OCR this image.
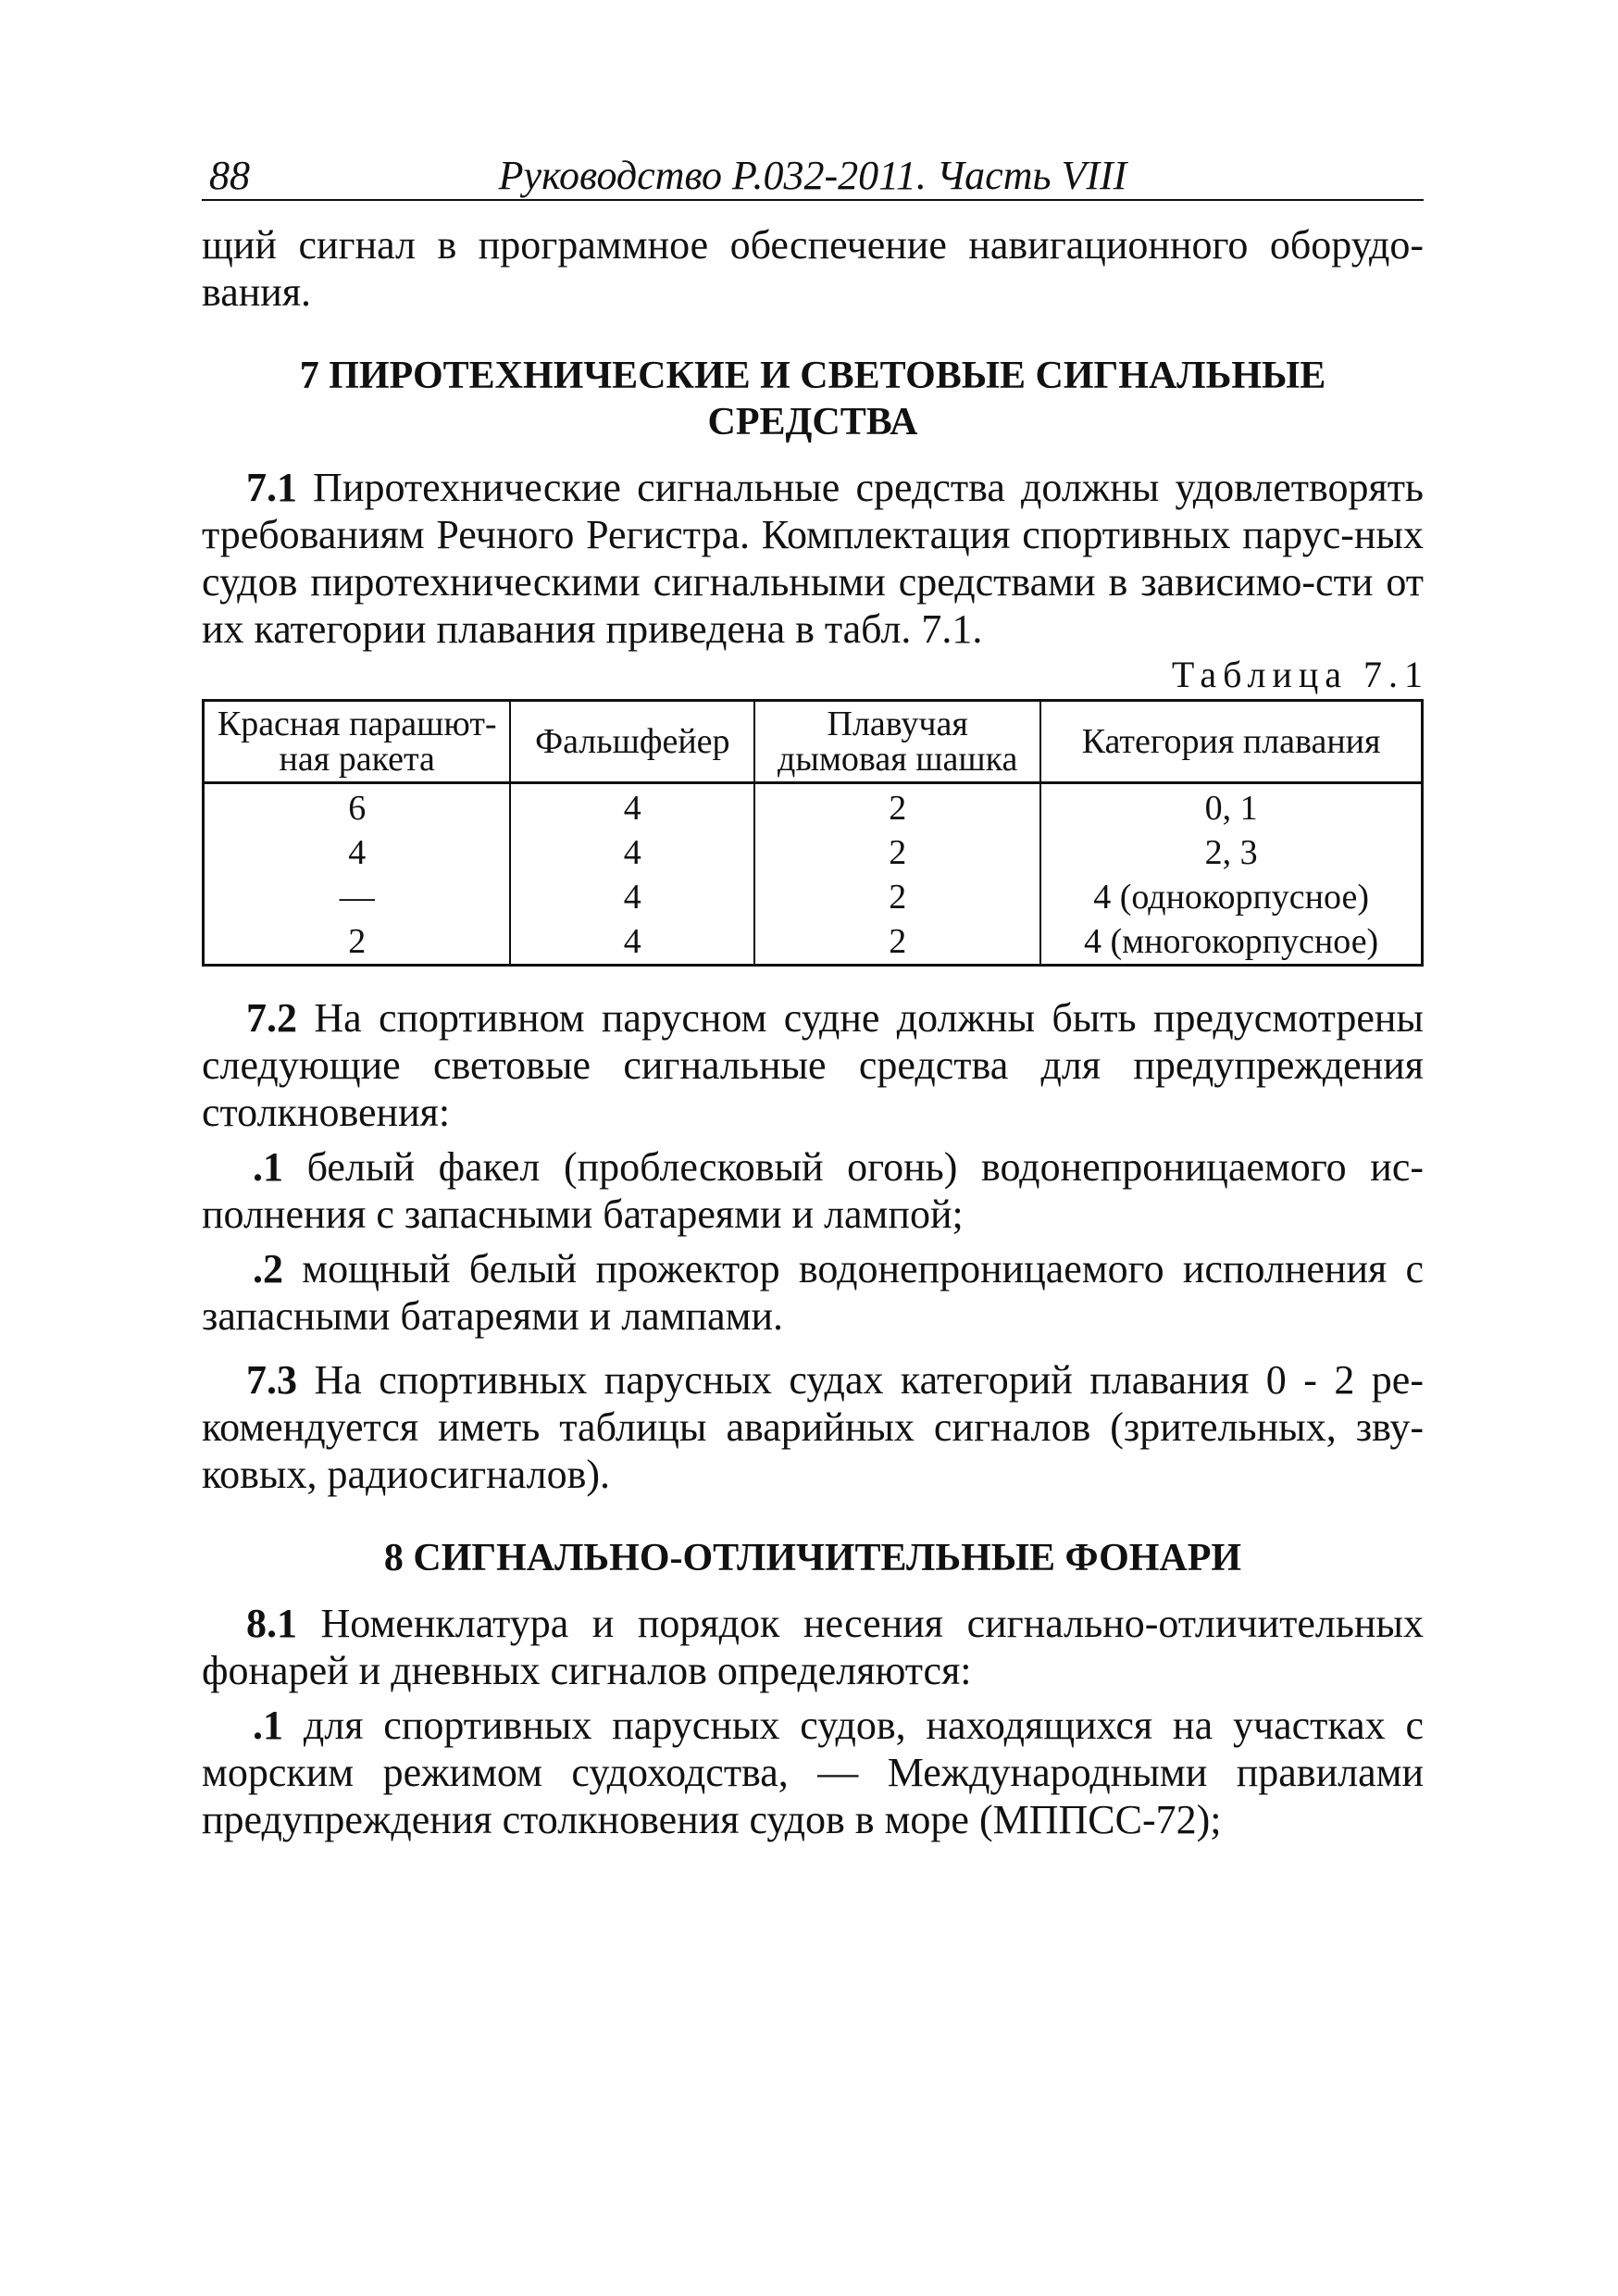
88	Руководство Р.032-2011. Часть VIII

щий сигнал в программное обеспечение навигационного оборудо-вания.

7 ПИРОТЕХНИЧЕСКИЕ И СВЕТОВЫЕ СИГНАЛЬНЫЕ
СРЕДСТВА

7.1 Пиротехнические сигнальные средства должны удовлетворять требованиям Речного Регистра. Комплектация спортивных парус-ных судов пиротехническими сигнальными средствами в зависимо-сти от их категории плавания приведена в табл. 7.1.

Таблица 7.1
Красная парашют-ная ракета	Фальшфейер	Плавучая дымовая шашка	Категория плавания
6	4	2	0, 1
4	4	2	2, 3
—	4	2	4 (однокорпусное)
2	4	2	4 (многокорпусное)

7.2 На спортивном парусном судне должны быть предусмотрены следующие световые сигнальные средства для предупреждения столкновения:

.1 белый факел (проблесковый огонь) водонепроницаемого ис-полнения с запасными батареями и лампой;

.2 мощный белый прожектор водонепроницаемого исполнения с запасными батареями и лампами.

7.3 На спортивных парусных судах категорий плавания 0 - 2 ре-комендуется иметь таблицы аварийных сигналов (зрительных, зву-ковых, радиосигналов).

8 СИГНАЛЬНО-ОТЛИЧИТЕЛЬНЫЕ ФОНАРИ

8.1 Номенклатура и порядок несения сигнально-отличительных фонарей и дневных сигналов определяются:

.1 для спортивных парусных судов, находящихся на участках с морским режимом судоходства, — Международными правилами предупреждения столкновения судов в море (МППСС-72);
